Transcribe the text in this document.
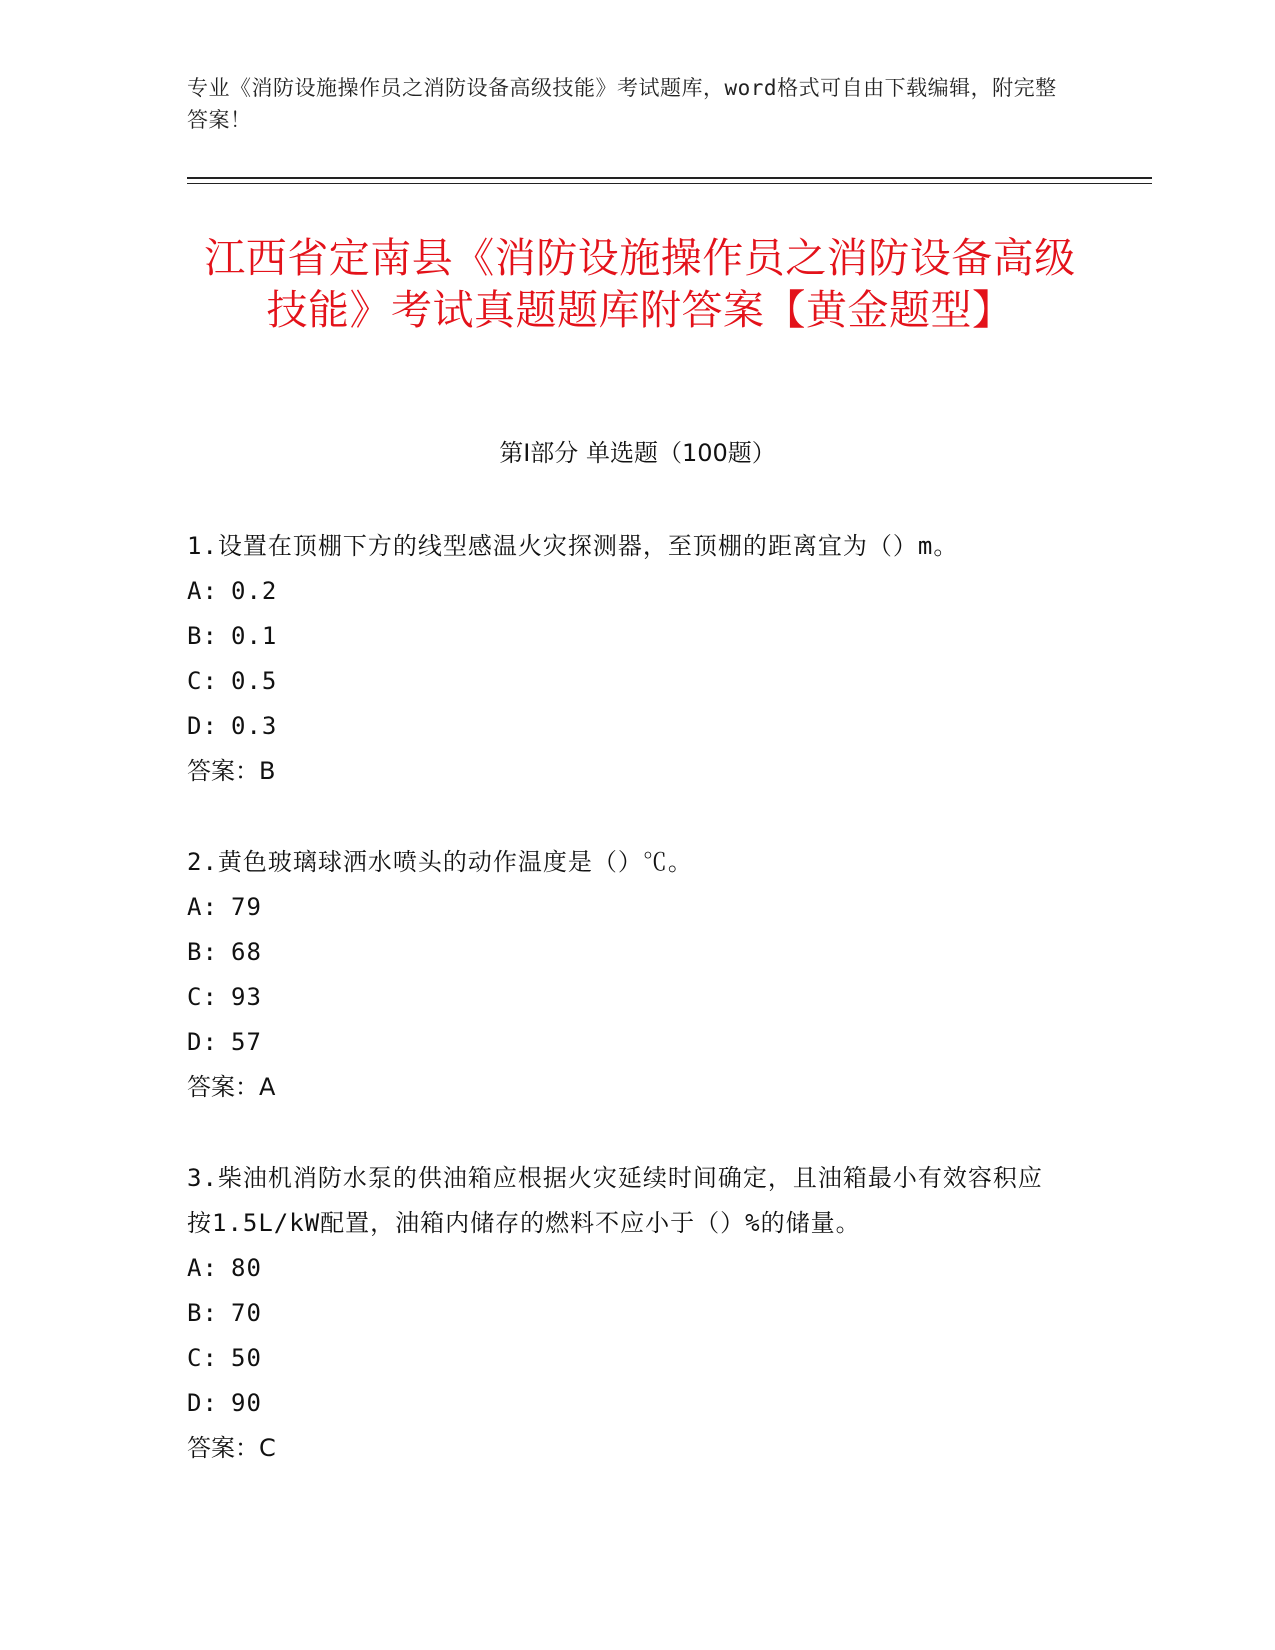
专业《消防设施操作员之消防设备高级技能》考试题库，word格式可自由下载编辑，附完整答案！
江西省定南县《消防设施操作员之消防设备高级技能》考试真题题库附答案【黄金题型】
第I部分 单选题（100题）
1.设置在顶棚下方的线型感温火灾探测器，至顶棚的距离宜为（）m。
A: 0.2
B: 0.1
C: 0.5
D: 0.3
答案：B
2.黄色玻璃球洒水喷头的动作温度是（）℃。
A: 79
B: 68
C: 93
D: 57
答案：A
3.柴油机消防水泵的供油箱应根据火灾延续时间确定，且油箱最小有效容积应按1.5L/kW配置，油箱内储存的燃料不应小于（）%的储量。
A: 80
B: 70
C: 50
D: 90
答案：C
